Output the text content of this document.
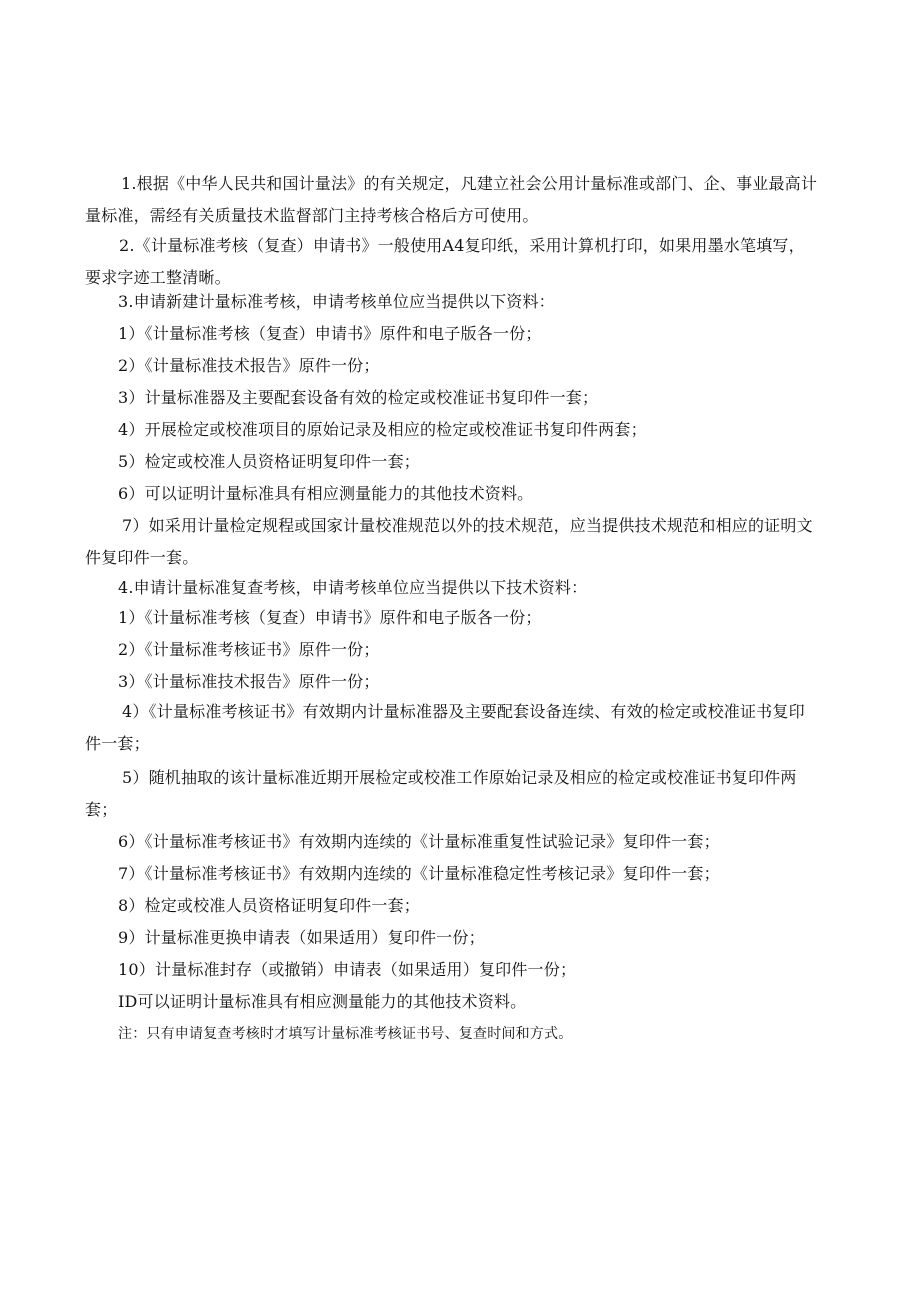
1.根据《中华人民共和国计量法》的有关规定，凡建立社会公用计量标准或部门、企、事业最高计量标准，需经有关质量技术监督部门主持考核合格后方可使用。

2.《计量标准考核（复查）申请书》一般使用A4复印纸，采用计算机打印，如果用墨水笔填写，要求字迹工整清晰。

3.申请新建计量标准考核，申请考核单位应当提供以下资料：

1）《计量标准考核（复查）申请书》原件和电子版各一份；

2）《计量标准技术报告》原件一份；

3）计量标准器及主要配套设备有效的检定或校准证书复印件一套；

4）开展检定或校准项目的原始记录及相应的检定或校准证书复印件两套；

5）检定或校准人员资格证明复印件一套；

6）可以证明计量标准具有相应测量能力的其他技术资料。

7）如采用计量检定规程或国家计量校准规范以外的技术规范，应当提供技术规范和相应的证明文件复印件一套。

4.申请计量标准复查考核，申请考核单位应当提供以下技术资料：

1）《计量标准考核（复查）申请书》原件和电子版各一份；

2）《计量标准考核证书》原件一份；

3）《计量标准技术报告》原件一份；

4）《计量标准考核证书》有效期内计量标准器及主要配套设备连续、有效的检定或校准证书复印件一套；

5）随机抽取的该计量标准近期开展检定或校准工作原始记录及相应的检定或校准证书复印件两套；

6）《计量标准考核证书》有效期内连续的《计量标准重复性试验记录》复印件一套；

7）《计量标准考核证书》有效期内连续的《计量标准稳定性考核记录》复印件一套；

8）检定或校准人员资格证明复印件一套；

9）计量标准更换申请表（如果适用）复印件一份；

10）计量标准封存（或撤销）申请表（如果适用）复印件一份；

ID可以证明计量标准具有相应测量能力的其他技术资料。

注：只有申请复查考核时才填写计量标准考核证书号、复查时间和方式。
